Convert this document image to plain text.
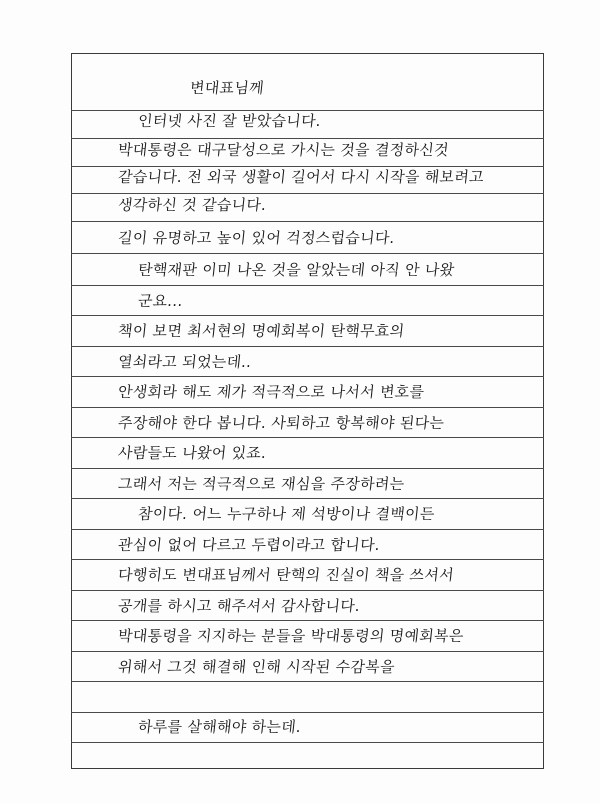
변대표님께
인터넷 사진 잘 받았습니다.
박대통령은 대구달성으로 가시는 것을 결정하신것
같습니다. 전 외국 생활이 길어서 다시 시작을 해보려고
생각하신 것 같습니다.
길이 유명하고 높이 있어 걱정스럽습니다.
탄핵재판 이미 나온 것을 알았는데 아직 안 나왔
군요...
책이 보면 최서현의 명예회복이 탄핵무효의
열쇠라고 되었는데..
안생회라 해도 제가 적극적으로 나서서 변호를
주장해야 한다 봅니다. 사퇴하고 항복해야 된다는
사람들도 나왔어 있죠.
그래서 저는 적극적으로 재심을 주장하려는
참이다. 어느 누구하나 제 석방이나 결백이든
관심이 없어 다르고 두렵이라고 합니다.
다행히도 변대표님께서 탄핵의 진실이 책을 쓰셔서
공개를 하시고 해주셔서 감사합니다.
박대통령을 지지하는 분들을 박대통령의 명예회복은
위해서 그것 해결해 인해 시작된 수감복을
하루를 살해해야 하는데.
